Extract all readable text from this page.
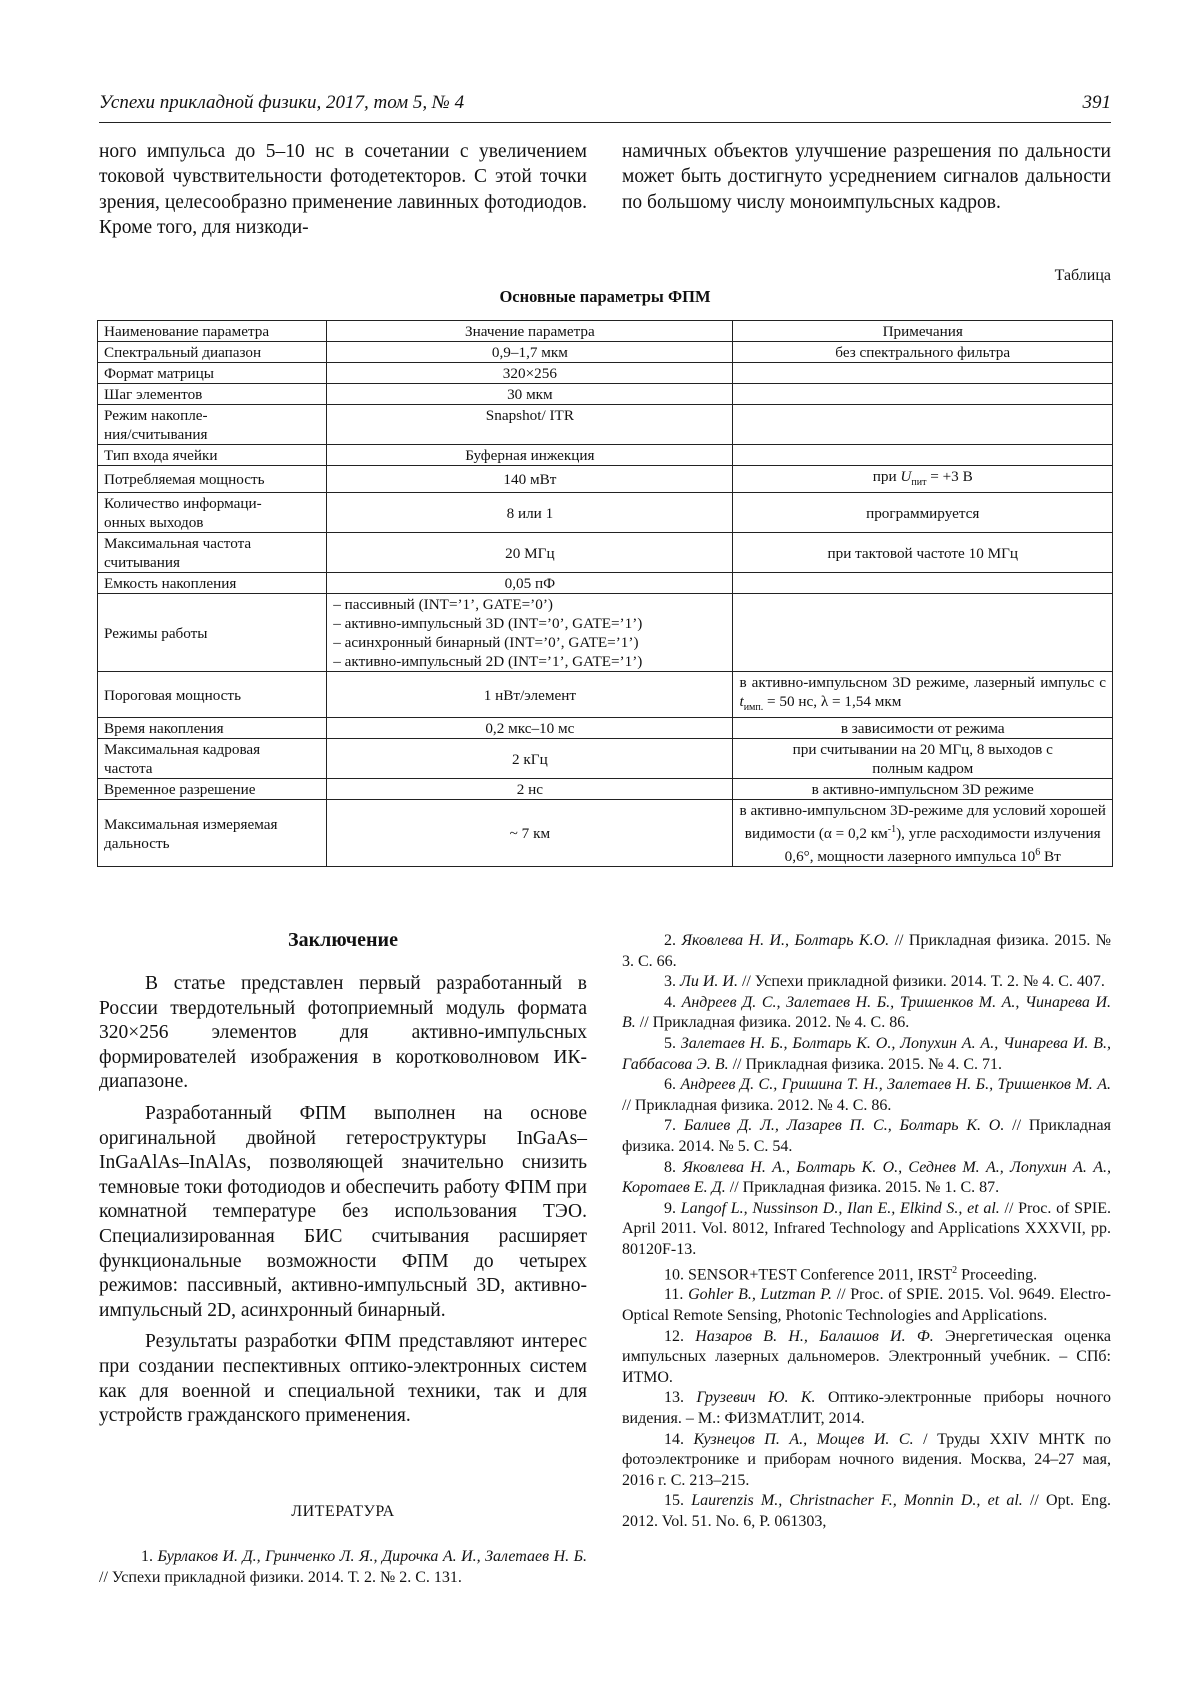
Успехи прикладной физики, 2017, том 5, № 4	391

ного импульса до 5–10 нс в сочетании с увеличением токовой чувствительности фотодетекторов. С этой точки зрения, целесообразно применение лавинных фотодиодов. Кроме того, для низкоди-

намичных объектов улучшение разрешения по дальности может быть достигнуто усреднением сигналов дальности по большому числу моноимпульсных кадров.

Таблица
Основные параметры ФПМ
Наименование параметра	Значение параметра	Примечания
Спектральный диапазон	0,9–1,7 мкм	без спектрального фильтра
Формат матрицы	320×256	
Шаг элементов	30 мкм	
Режим накопле-
ния/считывания	Snapshot/ ITR	
Тип входа ячейки	Буферная инжекция	
Потребляемая мощность	140 мВт	при $U_{пит} = +3$ В
Количество информаци-
онных выходов	8 или 1	программируется
Максимальная частота считывания	20 МГц	при тактовой частоте 10 МГц
Емкость накопления	0,05 пФ	
Режимы работы	– пассивный (INT=’1’, GATE=’0’)
– активно-импульсный 3D (INT=’0’, GATE=’1’)
– асинхронный бинарный (INT=’0’, GATE=’1’)
– активно-импульсный 2D (INT=’1’, GATE=’1’)	

Пороговая мощность	1 нВт/элемент	в активно-импульсном 3D режиме, лазерный импульс с $t_{имп.} = 50$ нс, λ = 1,54 мкм
Время накопления	0,2 мкс–10 мс	в зависимости от режима
Максимальная кадровая
частота	2 кГц	при считывании на 20 МГц, 8 выходов с
полным кадром
Временное разрешение	2 нс	в активно-импульсном 3D режиме
Максимальная измеряемая
дальность	~ 7 км	в активно-импульсном 3D-режиме для условий хорошей видимости (α = 0,2 $км^{-1}$), угле расходимости излучения 0,6°, мощности лазерного импульса $10^6$ Вт
Заключение

В статье представлен первый разработанный в России твердотельный фотоприемный модуль формата 320×256 элементов для активно-импульсных формирователей изображения в коротковолновом ИК-диапазоне.

Разработанный ФПМ выполнен на основе оригинальной двойной гетероструктуры InGaAs–InGaAlAs–InAlAs, позволяющей значительно снизить темновые токи фотодиодов и обеспечить работу ФПМ при комнатной температуре без использования ТЭО. Специализированная БИС считывания расширяет функциональные возможности ФПМ до четырех режимов: пассивный, активно-импульсный 3D, активно-импульсный 2D, асинхронный бинарный.

Результаты разработки ФПМ представляют интерес при создании песпективных оптико-электронных систем как для военной и специальной техники, так и для устройств гражданского применения.

ЛИТЕРАТУРА

1. Бурлаков И. Д., Гринченко Л. Я., Дирочка А. И., Залетаев Н. Б. // Успехи прикладной физики. 2014. Т. 2. № 2. С. 131.

2. Яковлева Н. И., Болтарь К.О. // Прикладная физика. 2015. № 3. С. 66.

3. Ли И. И. // Успехи прикладной физики. 2014. Т. 2. № 4. С. 407.

4. Андреев Д. С., Залетаев Н. Б., Тришенков М. А., Чинарева И. В. // Прикладная физика. 2012. № 4. С. 86.

5. Залетаев Н. Б., Болтарь К. О., Лопухин А. А., Чинарева И. В., Габбасова Э. В. // Прикладная физика. 2015. № 4. С. 71.

6. Андреев Д. С., Гришина Т. Н., Залетаев Н. Б., Тришенков М. А. // Прикладная физика. 2012. № 4. С. 86.

7. Балиев Д. Л., Лазарев П. С., Болтарь К. О. // Прикладная физика. 2014. № 5. С. 54.

8. Яковлева Н. А., Болтарь К. О., Седнев М. А., Лопухин А. А., Коротаев Е. Д. // Прикладная физика. 2015. № 1. С. 87.

9. Langof L., Nussinson D., Ilan E., Elkind S., et al. // Proc. of SPIE. April 2011. Vol. 8012, Infrared Technology and Applications XXXVII, pp. 80120F-13.

10. SENSOR+TEST Conference 2011, IRST$^2$ Proceeding.

11. Gohler B., Lutzman P. // Proc. of SPIE. 2015. Vol. 9649. Electro-Optical Remote Sensing, Photonic Technologies and Applications.

12. Назаров В. Н., Балашов И. Ф. Энергетическая оценка импульсных лазерных дальномеров. Электронный учебник. – СПб: ИТМО.

13. Грузевич Ю. К. Оптико-электронные приборы ночного видения. – М.: ФИЗМАТЛИТ, 2014.

14. Кузнецов П. А., Мощев И. С. / Труды XXIV МНТК по фотоэлектронике и приборам ночного видения. Москва, 24–27 мая, 2016 г. С. 213–215.

15. Laurenzis M., Christnacher F., Monnin D., et al. // Opt. Eng. 2012. Vol. 51. No. 6, P. 061303,
